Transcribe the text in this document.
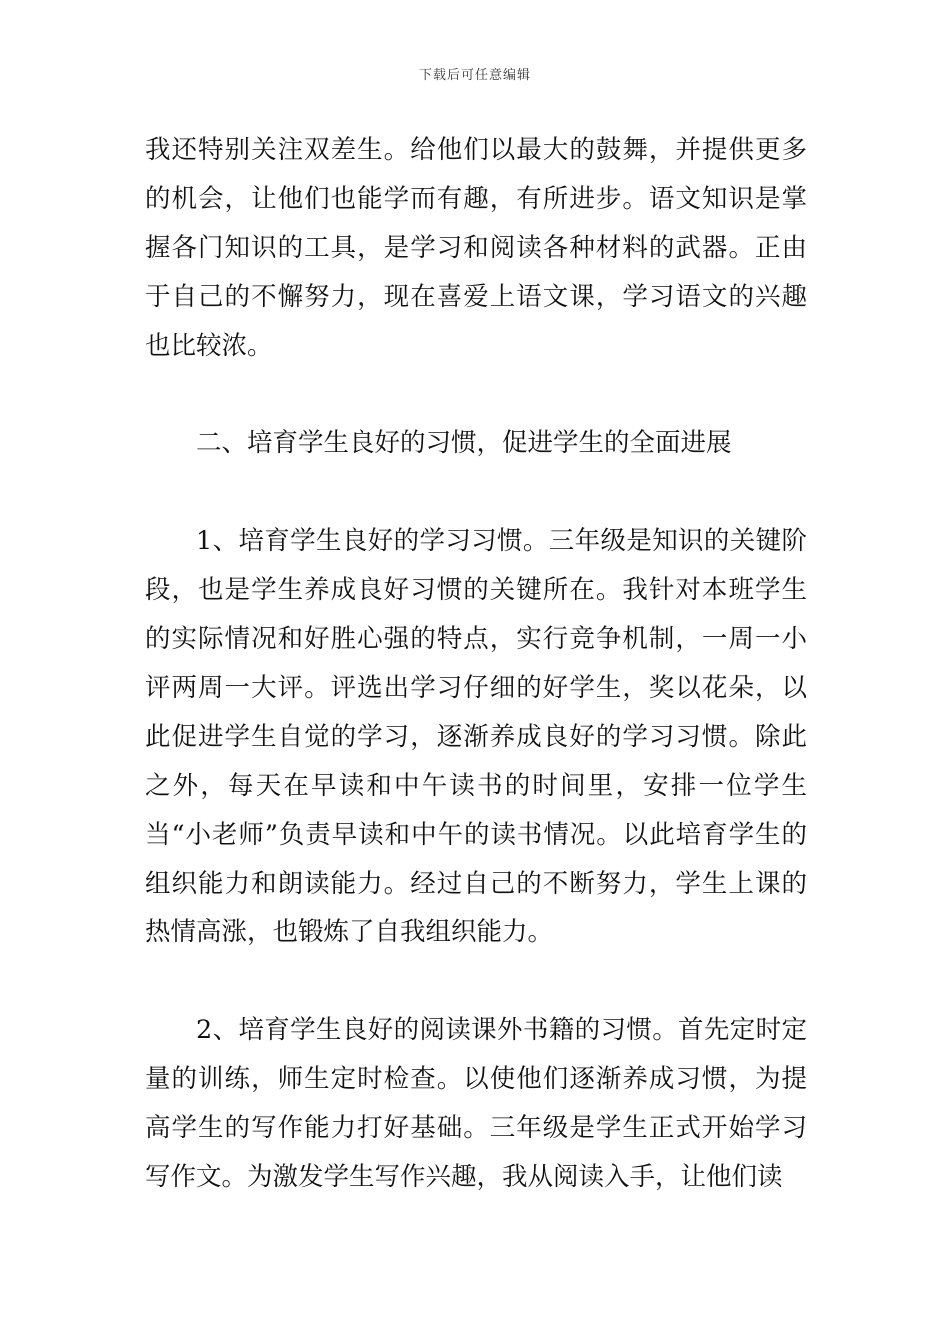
下载后可任意编辑

我还特别关注双差生。给他们以最大的鼓舞，并提供更多的机会，让他们也能学而有趣，有所进步。语文知识是掌握各门知识的工具，是学习和阅读各种材料的武器。正由于自己的不懈努力，现在喜爱上语文课，学习语文的兴趣也比较浓。

二、培育学生良好的习惯，促进学生的全面进展

1、培育学生良好的学习习惯。三年级是知识的关键阶段，也是学生养成良好习惯的关键所在。我针对本班学生的实际情况和好胜心强的特点，实行竞争机制，一周一小评两周一大评。评选出学习仔细的好学生，奖以花朵，以此促进学生自觉的学习，逐渐养成良好的学习习惯。除此之外，每天在早读和中午读书的时间里，安排一位学生当“小老师”负责早读和中午的读书情况。以此培育学生的组织能力和朗读能力。经过自己的不断努力，学生上课的热情高涨，也锻炼了自我组织能力。

2、培育学生良好的阅读课外书籍的习惯。首先定时定量的训练，师生定时检查。以使他们逐渐养成习惯，为提高学生的写作能力打好基础。三年级是学生正式开始学习写作文。为激发学生写作兴趣，我从阅读入手，让他们读
